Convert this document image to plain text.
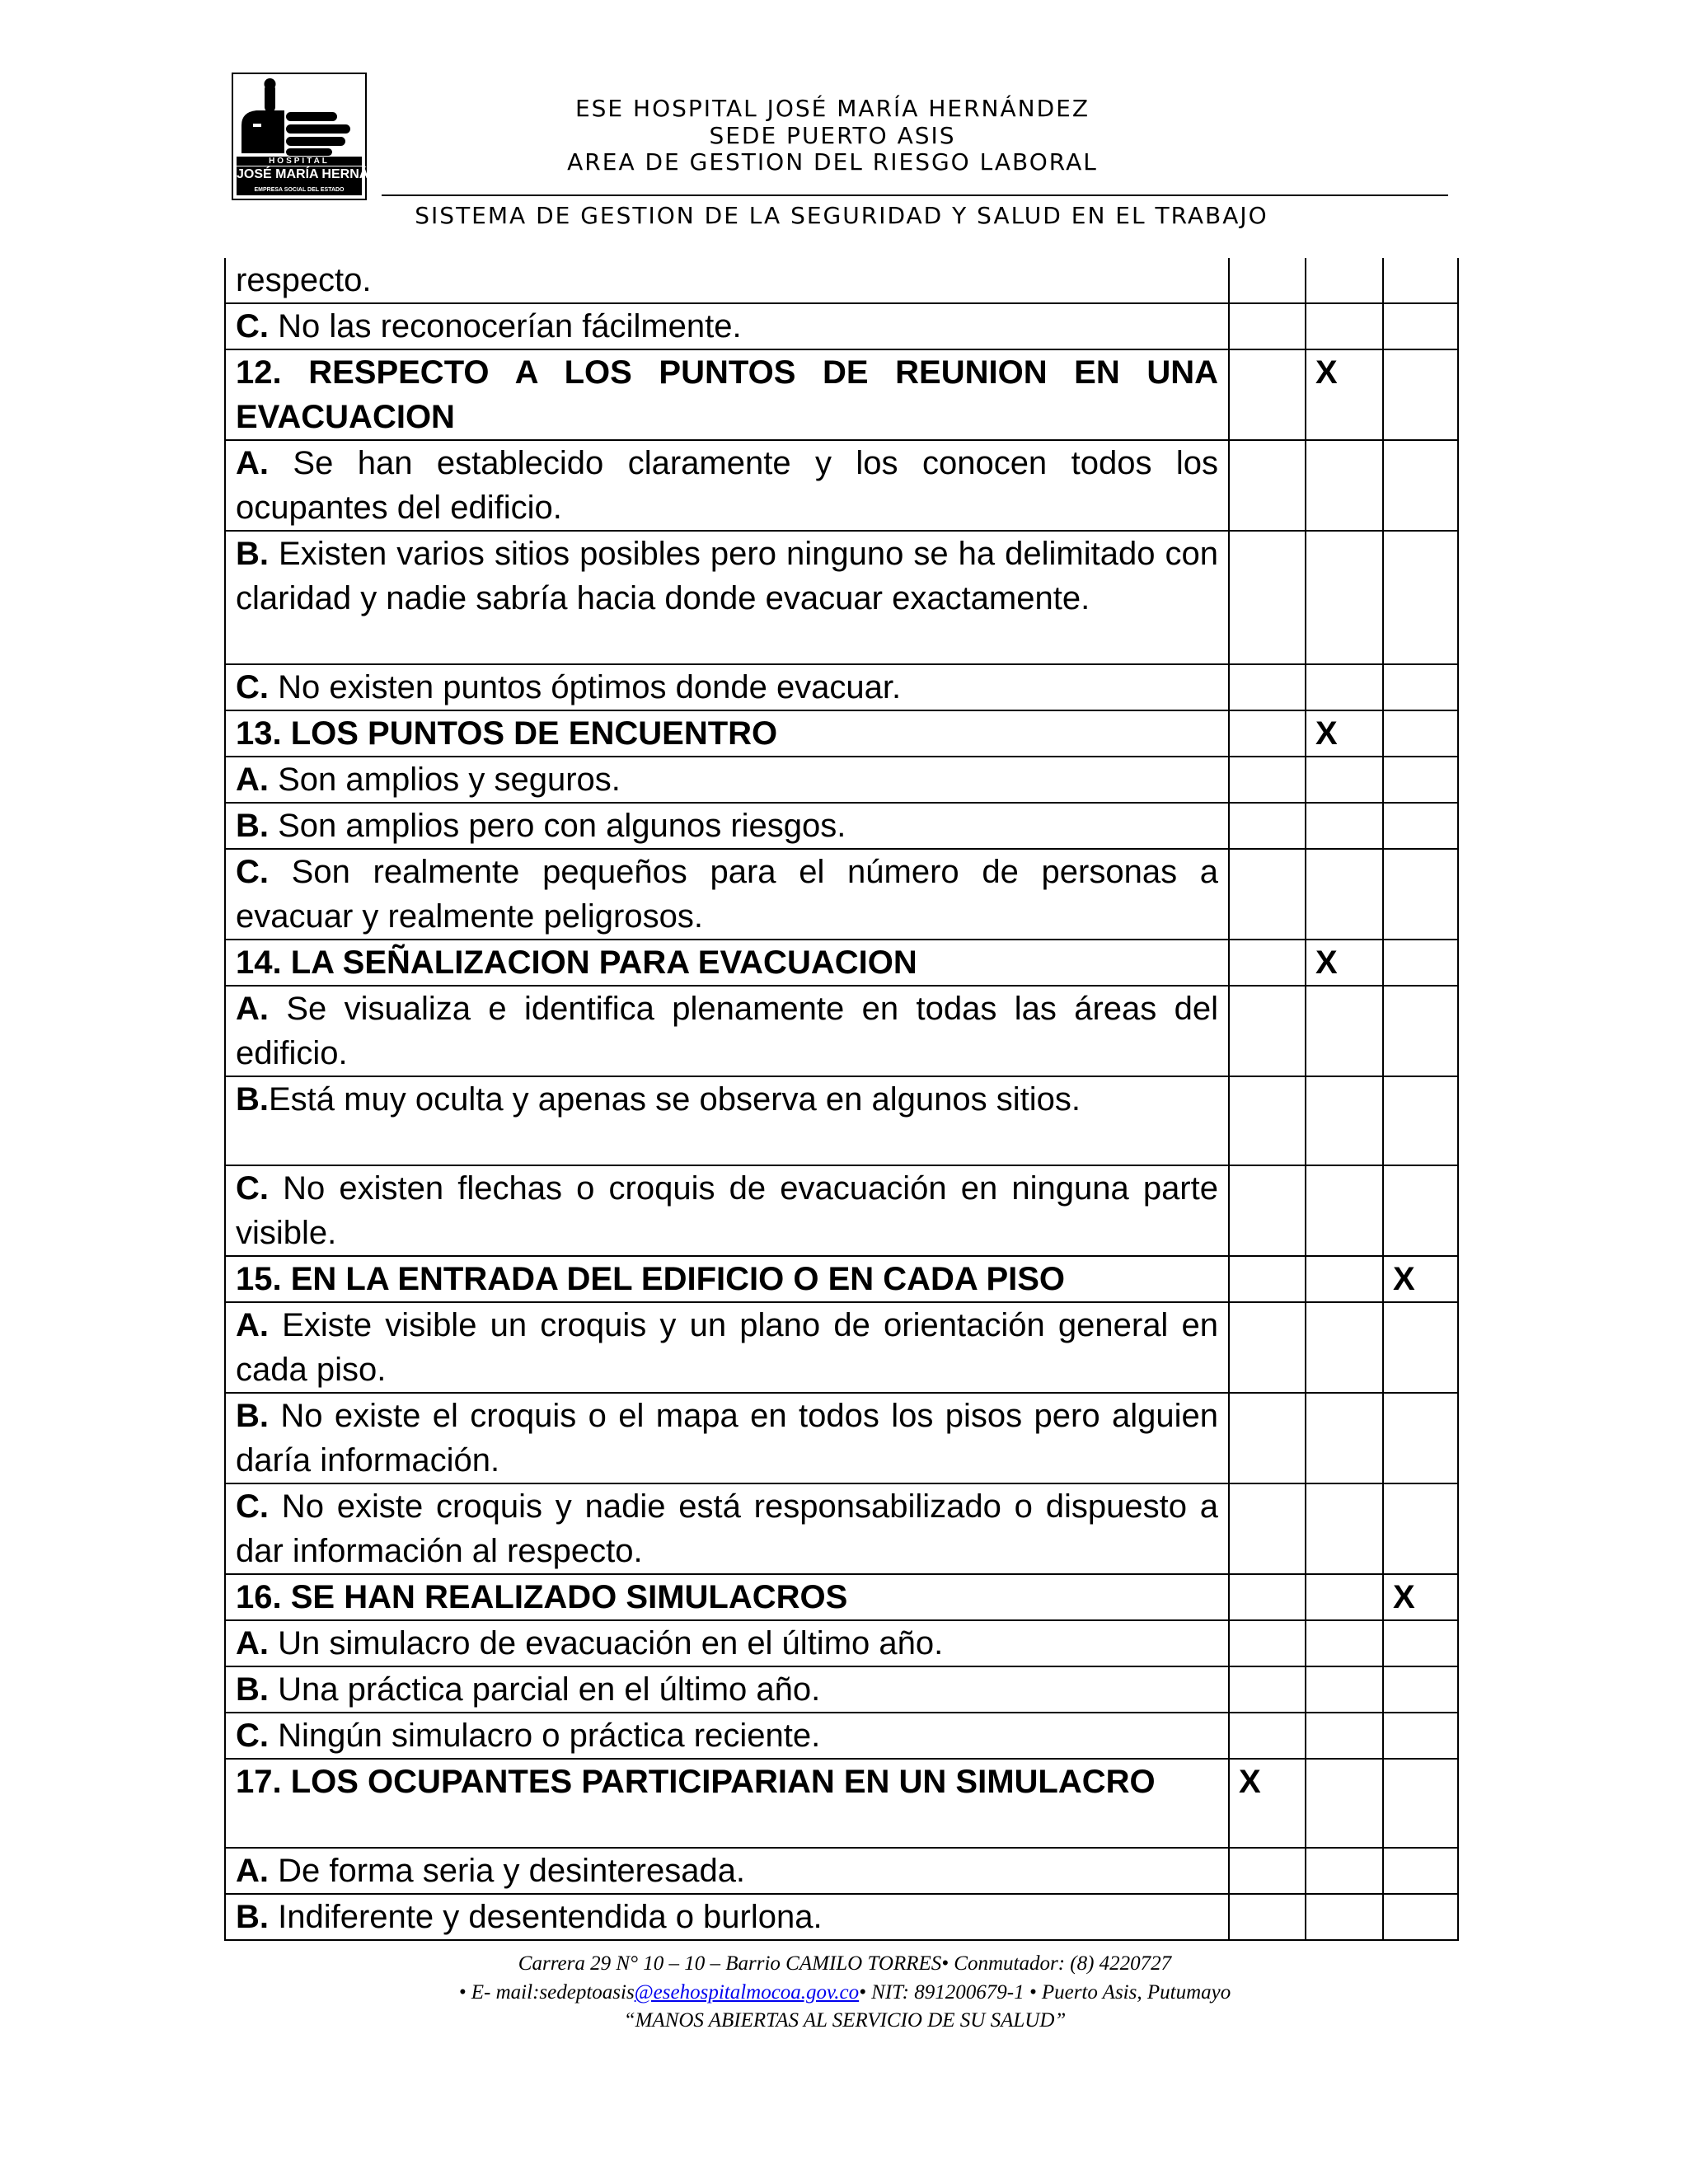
HOSPITAL
JOSÉ MARÍA HERNÁNDEZ
EMPRESA SOCIAL DEL ESTADO
ESE HOSPITAL JOSÉ MARÍA HERNÁNDEZ
SEDE PUERTO ASIS
AREA DE GESTION DEL RIESGO LABORAL
SISTEMA DE GESTION DE LA SEGURIDAD Y SALUD EN EL TRABAJO
respecto.			
C. No las reconocerían fácilmente.			
12. RESPECTO A LOS PUNTOS DE REUNION EN UNA EVACUACION		X	
A. Se han establecido claramente y los conocen todos los ocupantes del edificio.			
B. Existen varios sitios posibles pero ninguno se ha delimitado con claridad y nadie sabría hacia donde evacuar exactamente.			
C. No existen puntos óptimos donde evacuar.			
13. LOS PUNTOS DE ENCUENTRO		X	
A. Son amplios y seguros.			
B. Son amplios pero con algunos riesgos.			
C. Son realmente pequeños para el número de personas a evacuar y realmente peligrosos.			
14. LA SEÑALIZACION PARA EVACUACION		X	
A. Se visualiza e identifica plenamente en todas las áreas del edificio.			
B.Está muy oculta y apenas se observa en algunos sitios.			
C. No existen flechas o croquis de evacuación en ninguna parte visible.			
15. EN LA ENTRADA DEL EDIFICIO O EN CADA PISO			X
A. Existe visible un croquis y un plano de orientación general en cada piso.			
B. No existe el croquis o el mapa en todos los pisos pero alguien daría información.			
C. No existe croquis y nadie está responsabilizado o dispuesto a dar información al respecto.			
16. SE HAN REALIZADO SIMULACROS			X
A. Un simulacro de evacuación en el último año.			
B. Una práctica parcial en el último año.			
C. Ningún simulacro o práctica reciente.			
17. LOS OCUPANTES PARTICIPARIAN EN UN SIMULACRO	X		
A. De forma seria y desinteresada.			
B. Indiferente y desentendida o burlona.			
Carrera 29 N° 10 – 10 – Barrio CAMILO TORRES• Conmutador: (8) 4220727
• E- mail:sedeptoasis@esehospitalmocoa.gov.co• NIT: 891200679-1 • Puerto Asis, Putumayo
“MANOS ABIERTAS AL SERVICIO DE SU SALUD”
